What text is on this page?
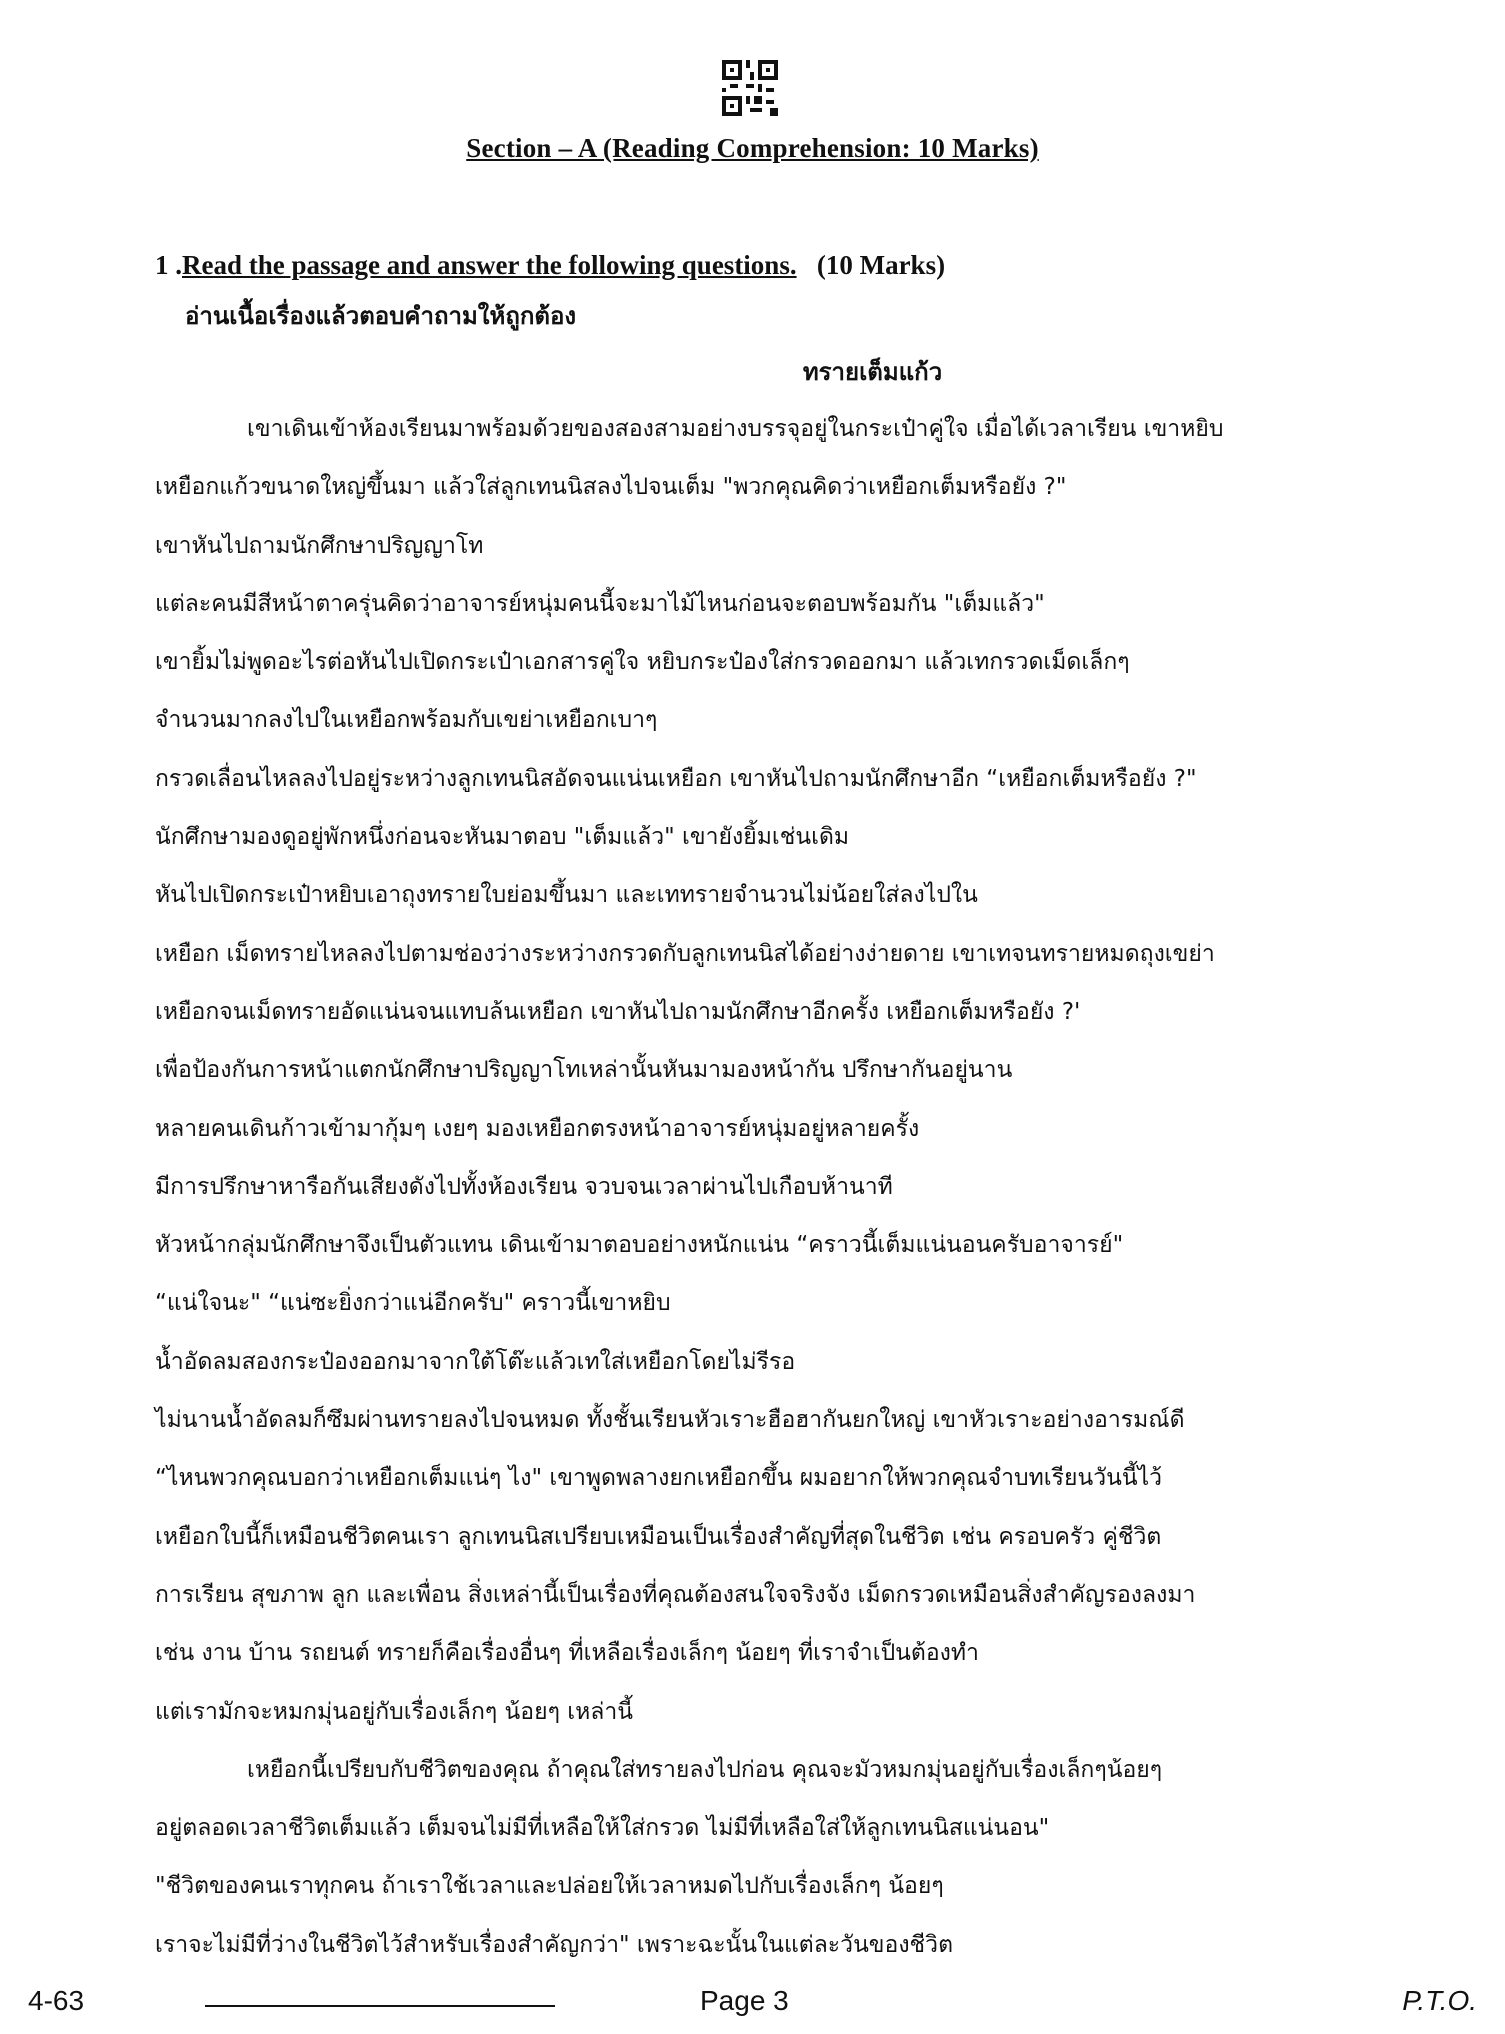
Section – A (Reading Comprehension: 10 Marks)
1 .Read the passage and answer the following questions. (10 Marks)
อ่านเนื้อเรื่องแล้วตอบคำถามให้ถูกต้อง
ทรายเต็มแก้ว
เขาเดินเข้าห้องเรียนมาพร้อมด้วยของสองสามอย่างบรรจุอยู่ในกระเป๋าคู่ใจ เมื่อได้เวลาเรียน เขาหยิบ
เหยือกแก้วขนาดใหญ่ขึ้นมา แล้วใส่ลูกเทนนิสลงไปจนเต็ม "พวกคุณคิดว่าเหยือกเต็มหรือยัง ?"
เขาหันไปถามนักศึกษาปริญญาโท
แต่ละคนมีสีหน้าตาครุ่นคิดว่าอาจารย์หนุ่มคนนี้จะมาไม้ไหนก่อนจะตอบพร้อมกัน "เต็มแล้ว"
เขายิ้มไม่พูดอะไรต่อหันไปเปิดกระเป๋าเอกสารคู่ใจ หยิบกระป๋องใส่กรวดออกมา แล้วเทกรวดเม็ดเล็กๆ
จำนวนมากลงไปในเหยือกพร้อมกับเขย่าเหยือกเบาๆ
กรวดเลื่อนไหลลงไปอยู่ระหว่างลูกเทนนิสอัดจนแน่นเหยือก เขาหันไปถามนักศึกษาอีก “เหยือกเต็มหรือยัง ?"
นักศึกษามองดูอยู่พักหนึ่งก่อนจะหันมาตอบ "เต็มแล้ว" เขายังยิ้มเช่นเดิม
หันไปเปิดกระเป๋าหยิบเอาถุงทรายใบย่อมขึ้นมา และเททรายจำนวนไม่น้อยใส่ลงไปใน
เหยือก เม็ดทรายไหลลงไปตามช่องว่างระหว่างกรวดกับลูกเทนนิสได้อย่างง่ายดาย เขาเทจนทรายหมดถุงเขย่า
เหยือกจนเม็ดทรายอัดแน่นจนแทบล้นเหยือก เขาหันไปถามนักศึกษาอีกครั้ง เหยือกเต็มหรือยัง ?'
เพื่อป้องกันการหน้าแตกนักศึกษาปริญญาโทเหล่านั้นหันมามองหน้ากัน ปรึกษากันอยู่นาน
หลายคนเดินก้าวเข้ามากุ้มๆ เงยๆ มองเหยือกตรงหน้าอาจารย์หนุ่มอยู่หลายครั้ง
มีการปรึกษาหารือกันเสียงดังไปทั้งห้องเรียน จวบจนเวลาผ่านไปเกือบห้านาที
หัวหน้ากลุ่มนักศึกษาจึงเป็นตัวแทน เดินเข้ามาตอบอย่างหนักแน่น “คราวนี้เต็มแน่นอนครับอาจารย์"
“แน่ใจนะ" “แน่ซะยิ่งกว่าแน่อีกครับ" คราวนี้เขาหยิบ
น้ำอัดลมสองกระป๋องออกมาจากใต้โต๊ะแล้วเทใส่เหยือกโดยไม่รีรอ
ไม่นานน้ำอัดลมก็ซึมผ่านทรายลงไปจนหมด ทั้งชั้นเรียนหัวเราะฮือฮากันยกใหญ่ เขาหัวเราะอย่างอารมณ์ดี
“ไหนพวกคุณบอกว่าเหยือกเต็มแน่ๆ ไง" เขาพูดพลางยกเหยือกขึ้น ผมอยากให้พวกคุณจำบทเรียนวันนี้ไว้
เหยือกใบนี้ก็เหมือนชีวิตคนเรา ลูกเทนนิสเปรียบเหมือนเป็นเรื่องสำคัญที่สุดในชีวิต เช่น ครอบครัว คู่ชีวิต
การเรียน สุขภาพ ลูก และเพื่อน สิ่งเหล่านี้เป็นเรื่องที่คุณต้องสนใจจริงจัง เม็ดกรวดเหมือนสิ่งสำคัญรองลงมา
เช่น งาน บ้าน รถยนต์ ทรายก็คือเรื่องอื่นๆ ที่เหลือเรื่องเล็กๆ น้อยๆ ที่เราจำเป็นต้องทำ
แต่เรามักจะหมกมุ่นอยู่กับเรื่องเล็กๆ น้อยๆ เหล่านี้
เหยือกนี้เปรียบกับชีวิตของคุณ ถ้าคุณใส่ทรายลงไปก่อน คุณจะมัวหมกมุ่นอยู่กับเรื่องเล็กๆน้อยๆ
อยู่ตลอดเวลาชีวิตเต็มแล้ว เต็มจนไม่มีที่เหลือให้ใส่กรวด ไม่มีที่เหลือใส่ให้ลูกเทนนิสแน่นอน"
"ชีวิตของคนเราทุกคน ถ้าเราใช้เวลาและปล่อยให้เวลาหมดไปกับเรื่องเล็กๆ น้อยๆ
เราจะไม่มีที่ว่างในชีวิตไว้สำหรับเรื่องสำคัญกว่า" เพราะฉะนั้นในแต่ละวันของชีวิต
4-63	Page 3	P.T.O.
